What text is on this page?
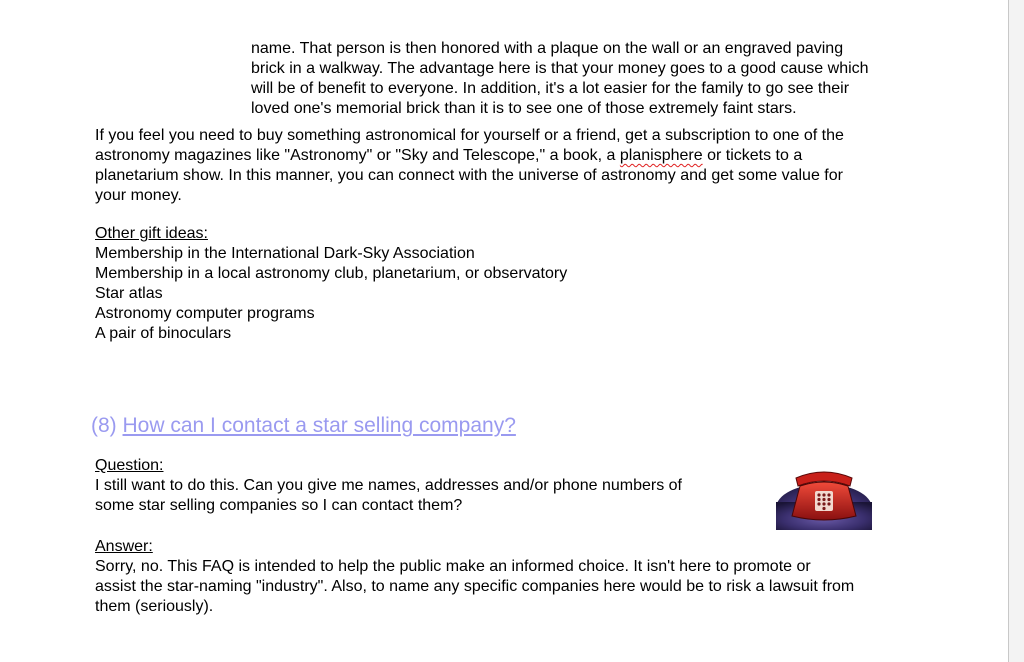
name. That person is then honored with a plaque on the wall or an engraved paving
brick in a walkway. The advantage here is that your money goes to a good cause which
will be of benefit to everyone. In addition, it's a lot easier for the family to go see their
loved one's memorial brick than it is to see one of those extremely faint stars.
If you feel you need to buy something astronomical for yourself or a friend, get a subscription to one of the
astronomy magazines like "Astronomy" or "Sky and Telescope," a book, a planisphere or tickets to a
planetarium show. In this manner, you can connect with the universe of astronomy and get some value for
your money.
Other gift ideas:
Membership in the International Dark-Sky Association
Membership in a local astronomy club, planetarium, or observatory
Star atlas
Astronomy computer programs
A pair of binoculars
(8) How can I contact a star selling company?
Question:
I still want to do this. Can you give me names, addresses and/or phone numbers of
some star selling companies so I can contact them?
Answer:
Sorry, no. This FAQ is intended to help the public make an informed choice. It isn't here to promote or
assist the star-naming "industry". Also, to name any specific companies here would be to risk a lawsuit from
them (seriously).
